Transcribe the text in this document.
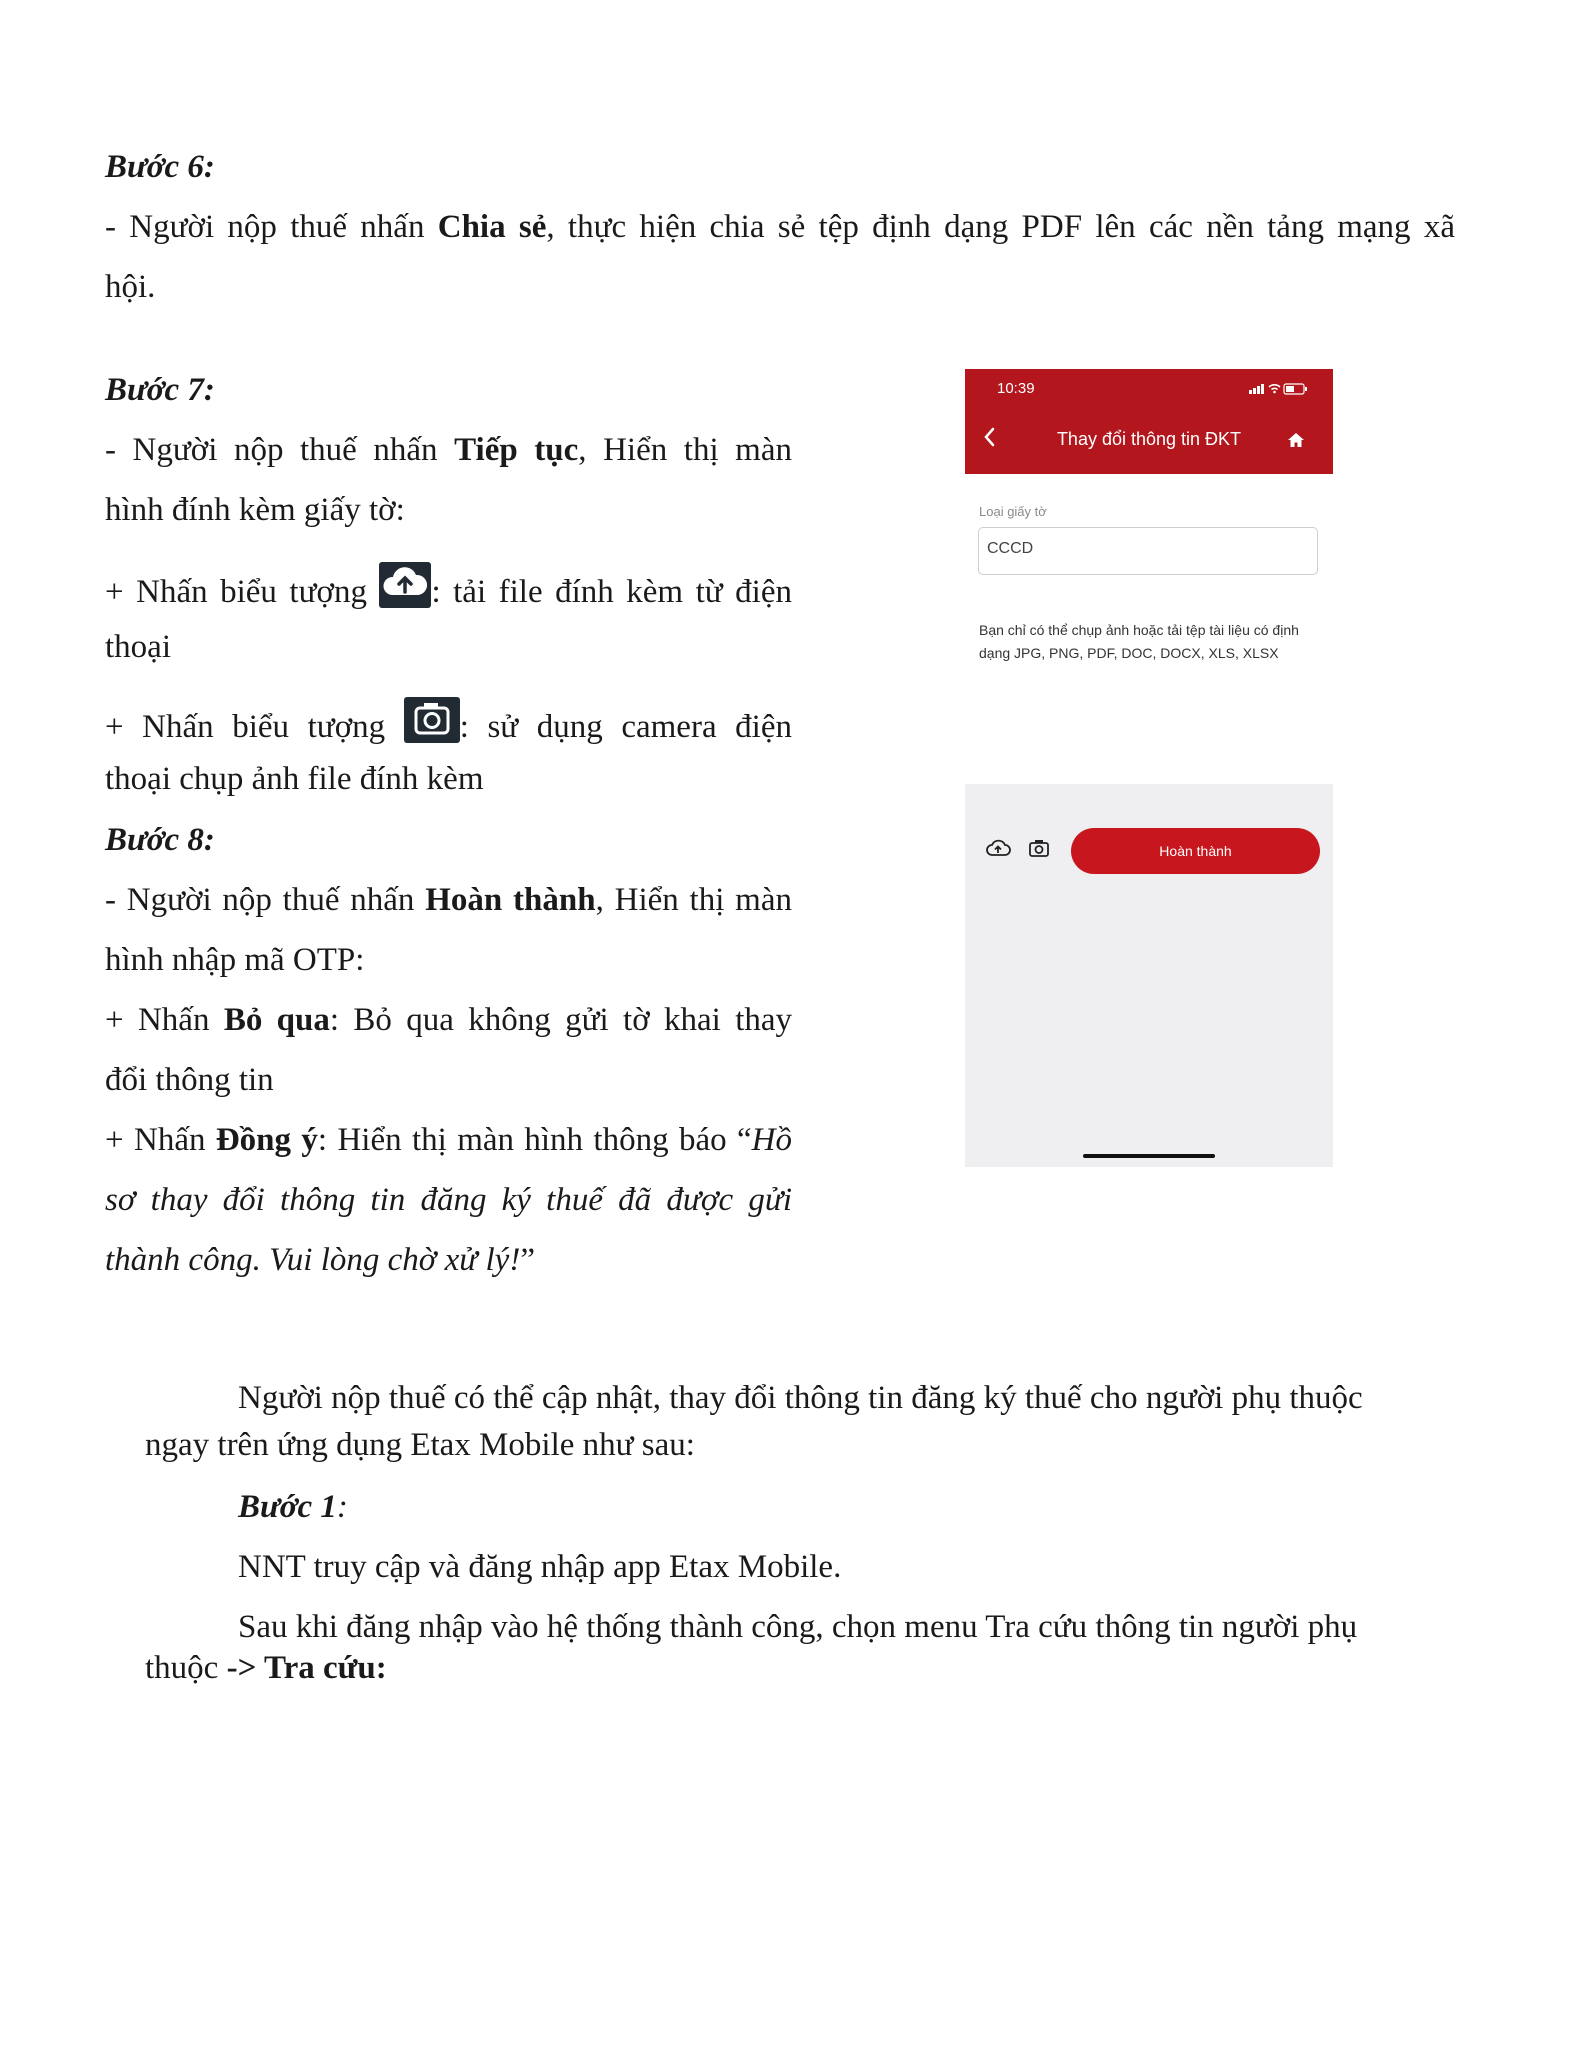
Bước 6:
- Người nộp thuế nhấn Chia sẻ, thực hiện chia sẻ tệp định dạng PDF lên các nền tảng mạng xã
hội.
Bước 7:
- Người nộp thuế nhấn Tiếp tục, Hiển thị màn
hình đính kèm giấy tờ:
+ Nhấn biểu tượng : tải file đính kèm từ điện
thoại
+ Nhấn biểu tượng : sử dụng camera điện
thoại chụp ảnh file đính kèm
Bước 8:
- Người nộp thuế nhấn Hoàn thành, Hiển thị màn
hình nhập mã OTP:
+ Nhấn Bỏ qua: Bỏ qua không gửi tờ khai thay
đổi thông tin
+ Nhấn Đồng ý: Hiển thị màn hình thông báo “Hồ
sơ thay đổi thông tin đăng ký thuế đã được gửi
thành công. Vui lòng chờ xử lý!”
10:39
Thay đổi thông tin ĐKT
Loại giấy tờ
CCCD
Bạn chỉ có thể chụp ảnh hoặc tải tệp tài liệu có định dạng JPG, PNG, PDF, DOC, DOCX, XLS, XLSX
Hoàn thành
Người nộp thuế có thể cập nhật, thay đổi thông tin đăng ký thuế cho người phụ thuộc
ngay trên ứng dụng Etax Mobile như sau:
Bước 1:
NNT truy cập và đăng nhập app Etax Mobile.
Sau khi đăng nhập vào hệ thống thành công, chọn menu Tra cứu thông tin người phụ
thuộc -> Tra cứu:
